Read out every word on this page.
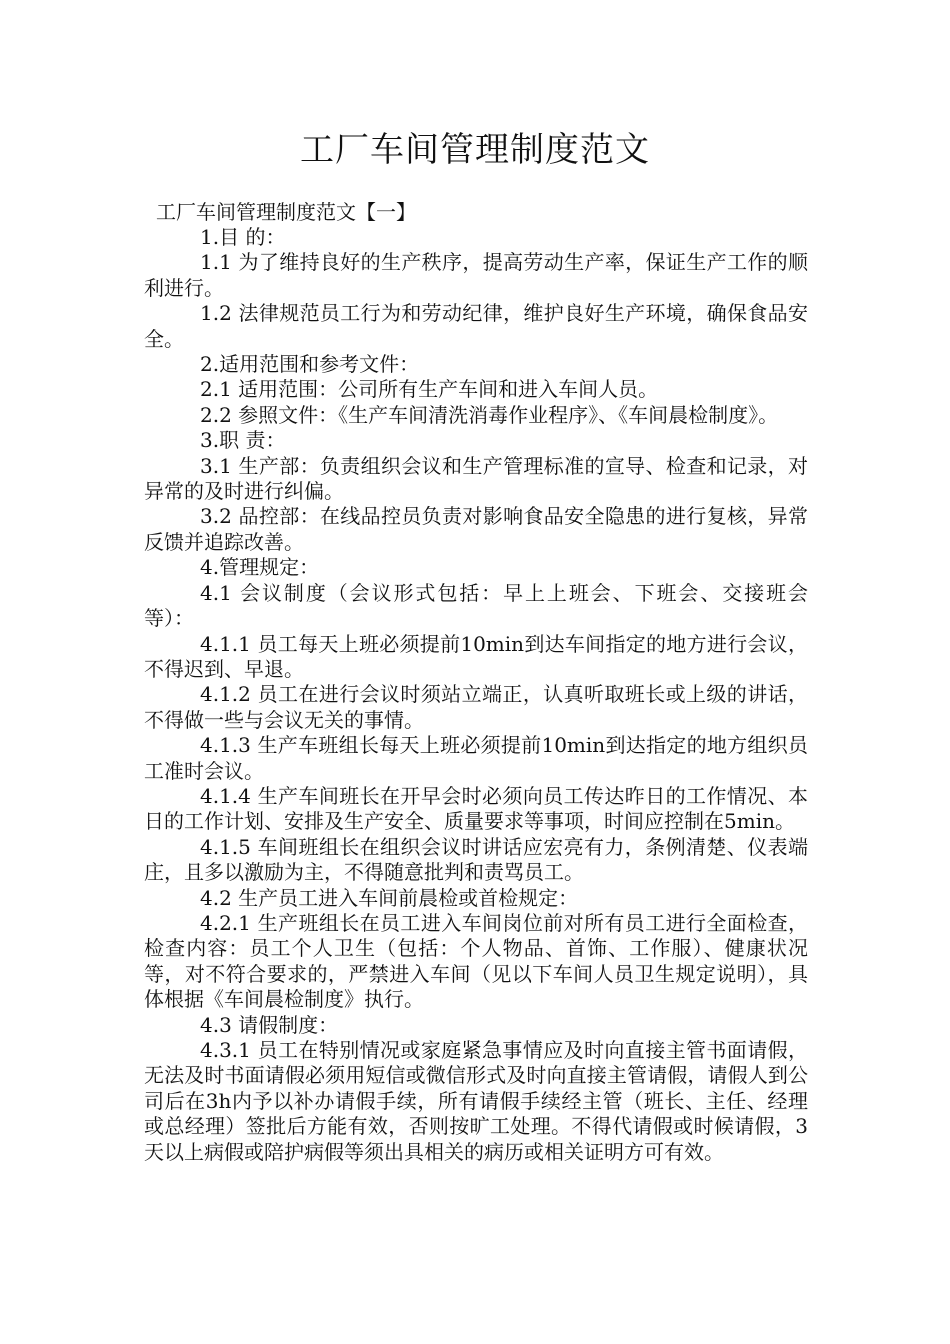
工厂车间管理制度范文

工厂车间管理制度范文【一】

1.目 的：

1.1 为了维持良好的生产秩序，提高劳动生产率，保证生产工作的顺利进行。

1.2 法律规范员工行为和劳动纪律，维护良好生产环境，确保食品安全。

2.适用范围和参考文件：

2.1 适用范围：公司所有生产车间和进入车间人员。

2.2 参照文件：《生产车间清洗消毒作业程序》、《车间晨检制度》。

3.职 责：

3.1 生产部：负责组织会议和生产管理标准的宣导、检查和记录，对异常的及时进行纠偏。

3.2 品控部：在线品控员负责对影响食品安全隐患的进行复核，异常反馈并追踪改善。

4.管理规定：

4.1 会议制度（会议形式包括：早上上班会、下班会、交接班会等）：

4.1.1 员工每天上班必须提前10min到达车间指定的地方进行会议，不得迟到、早退。

4.1.2 员工在进行会议时须站立端正，认真听取班长或上级的讲话，不得做一些与会议无关的事情。

4.1.3 生产车班组长每天上班必须提前10min到达指定的地方组织员工准时会议。

4.1.4 生产车间班长在开早会时必须向员工传达昨日的工作情况、本日的工作计划、安排及生产安全、质量要求等事项，时间应控制在5min。

4.1.5 车间班组长在组织会议时讲话应宏亮有力，条例清楚、仪表端庄，且多以激励为主，不得随意批判和责骂员工。

4.2 生产员工进入车间前晨检或首检规定：

4.2.1 生产班组长在员工进入车间岗位前对所有员工进行全面检查，检查内容：员工个人卫生（包括：个人物品、首饰、工作服）、健康状况等，对不符合要求的，严禁进入车间（见以下车间人员卫生规定说明），具体根据《车间晨检制度》执行。

4.3 请假制度：

4.3.1 员工在特别情况或家庭紧急事情应及时向直接主管书面请假，无法及时书面请假必须用短信或微信形式及时向直接主管请假，请假人到公司后在3h内予以补办请假手续，所有请假手续经主管（班长、主任、经理或总经理）签批后方能有效，否则按旷工处理。不得代请假或时候请假，3天以上病假或陪护病假等须出具相关的病历或相关证明方可有效。
